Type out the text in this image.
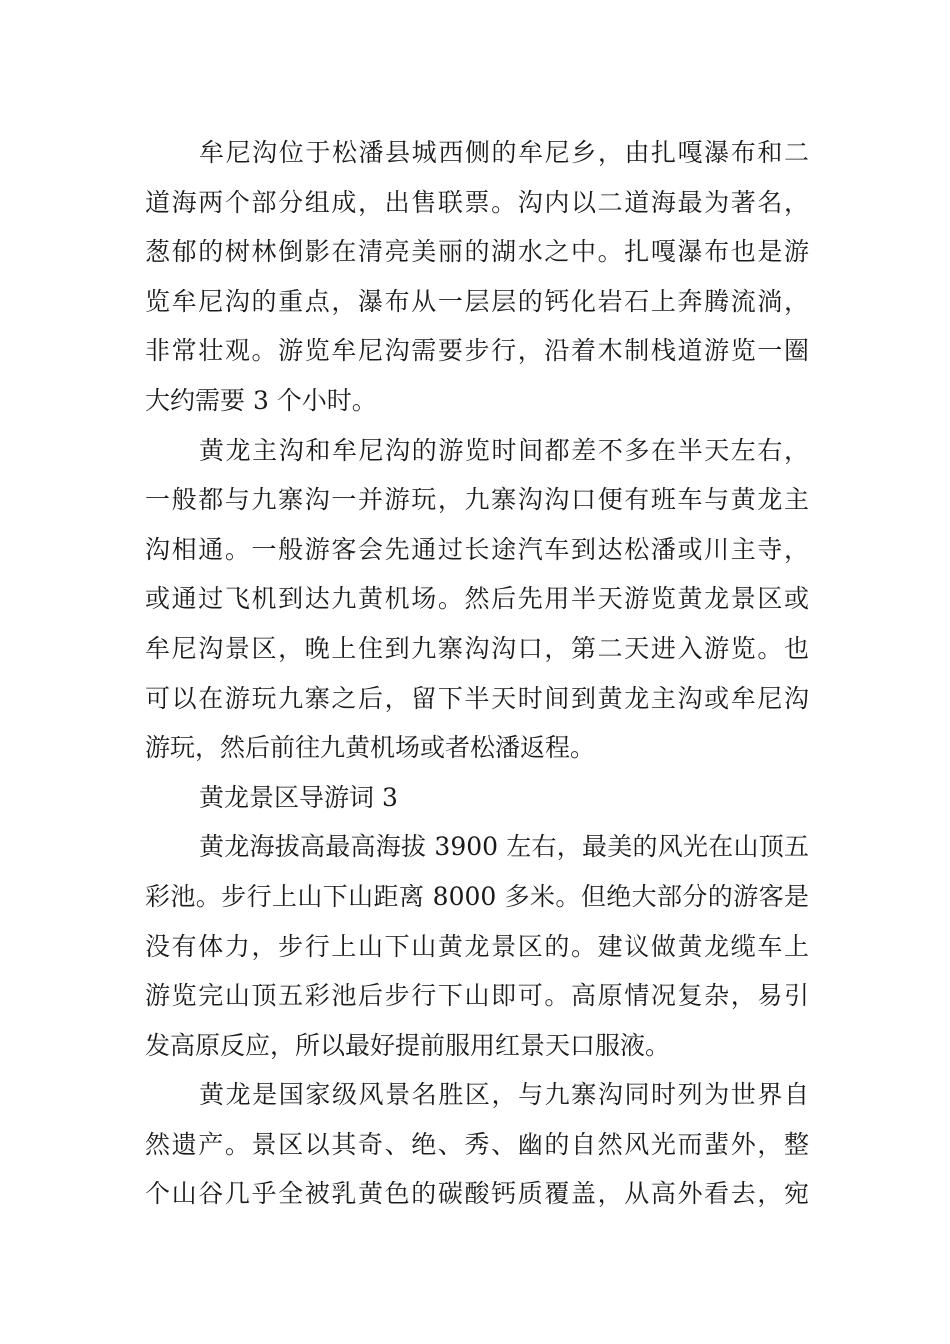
牟尼沟位于松潘县城西侧的牟尼乡，由扎嘎瀑布和二
道海两个部分组成，出售联票。沟内以二道海最为著名，
葱郁的树林倒影在清亮美丽的湖水之中。扎嘎瀑布也是游
览牟尼沟的重点，瀑布从一层层的钙化岩石上奔腾流淌，
非常壮观。游览牟尼沟需要步行，沿着木制栈道游览一圈
大约需要 3 个小时。
黄龙主沟和牟尼沟的游览时间都差不多在半天左右，
一般都与九寨沟一并游玩，九寨沟沟口便有班车与黄龙主
沟相通。一般游客会先通过长途汽车到达松潘或川主寺，
或通过飞机到达九黄机场。然后先用半天游览黄龙景区或
牟尼沟景区，晚上住到九寨沟沟口，第二天进入游览。也
可以在游玩九寨之后，留下半天时间到黄龙主沟或牟尼沟
游玩，然后前往九黄机场或者松潘返程。
黄龙景区导游词 3
黄龙海拔高最高海拔 3900 左右，最美的风光在山顶五
彩池。步行上山下山距离 8000 多米。但绝大部分的游客是
没有体力，步行上山下山黄龙景区的。建议做黄龙缆车上
游览完山顶五彩池后步行下山即可。高原情况复杂，易引
发高原反应，所以最好提前服用红景天口服液。
黄龙是国家级风景名胜区，与九寨沟同时列为世界自
然遗产。景区以其奇、绝、秀、幽的自然风光而蜚外，整
个山谷几乎全被乳黄色的碳酸钙质覆盖，从高外看去，宛
